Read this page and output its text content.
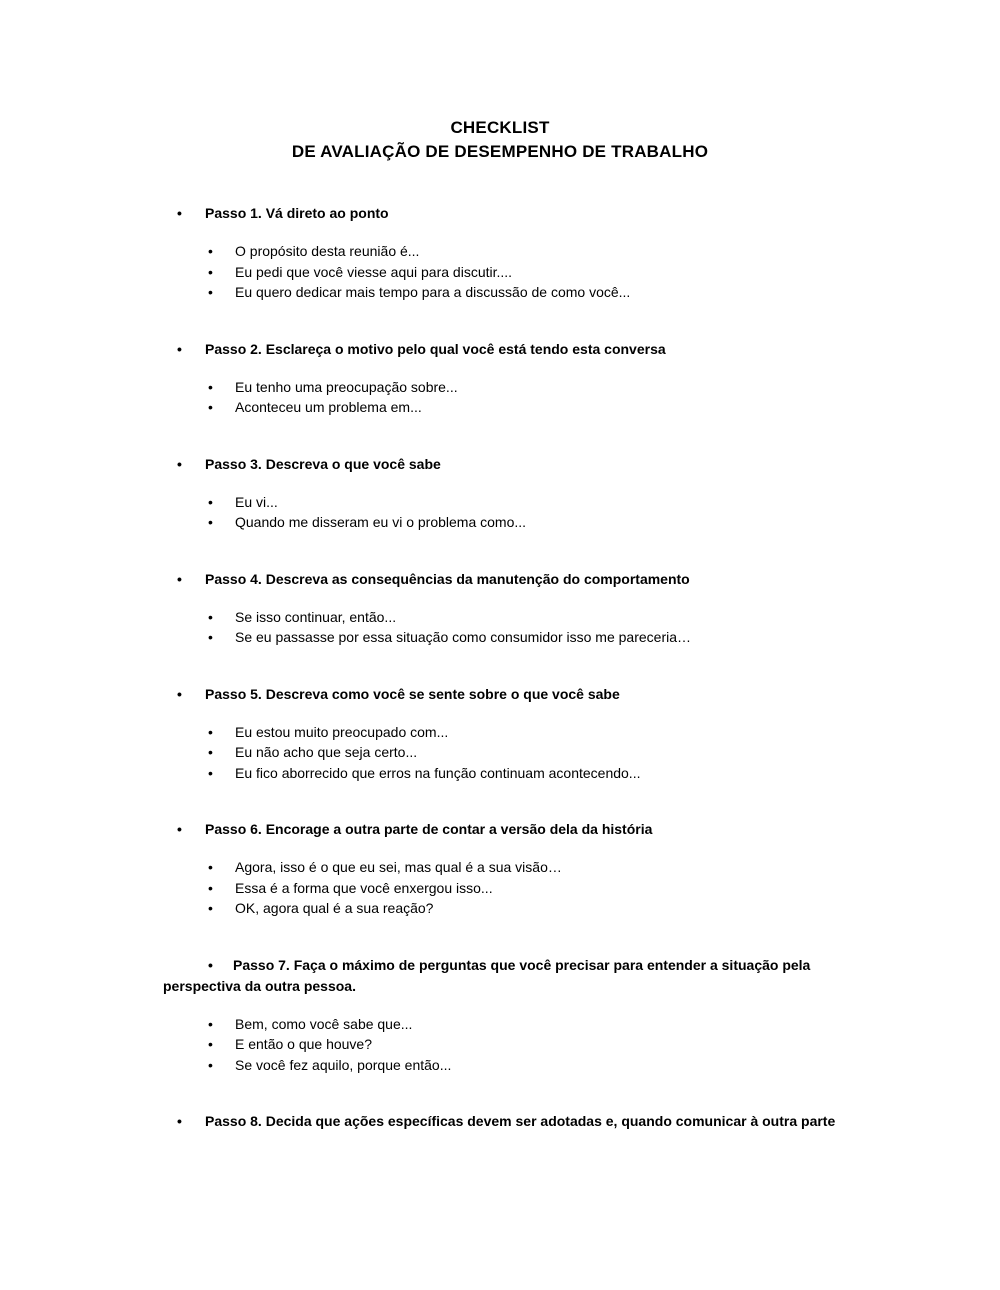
CHECKLIST
DE AVALIAÇÃO DE DESEMPENHO DE TRABALHO
• Passo 1. Vá direto ao ponto
• O propósito desta reunião é...
• Eu pedi que você viesse aqui para discutir....
• Eu quero dedicar mais tempo para a discussão de como você...
• Passo 2. Esclareça o motivo pelo qual você está tendo esta conversa
• Eu tenho uma preocupação sobre...
• Aconteceu um problema em...
• Passo 3. Descreva o que você sabe
• Eu vi...
• Quando me disseram eu vi o problema como...
• Passo 4. Descreva as consequências da manutenção do comportamento
• Se isso continuar, então...
• Se eu passasse por essa situação como consumidor isso me pareceria…
• Passo 5. Descreva como você se sente sobre o que você sabe
• Eu estou muito preocupado com...
• Eu não acho que seja certo...
• Eu fico aborrecido que erros na função continuam acontecendo...
• Passo 6. Encorage a outra parte de contar a versão dela da história
• Agora, isso é o que eu sei, mas qual é a sua visão…
• Essa é a forma que você enxergou isso...
• OK, agora qual é a sua reação?
• Passo 7. Faça o máximo de perguntas que você precisar para entender a situação pela perspectiva da outra pessoa.
• Bem, como você sabe que...
• E então o que houve?
• Se você fez aquilo, porque então...
• Passo 8. Decida que ações específicas devem ser adotadas e, quando comunicar à outra parte
